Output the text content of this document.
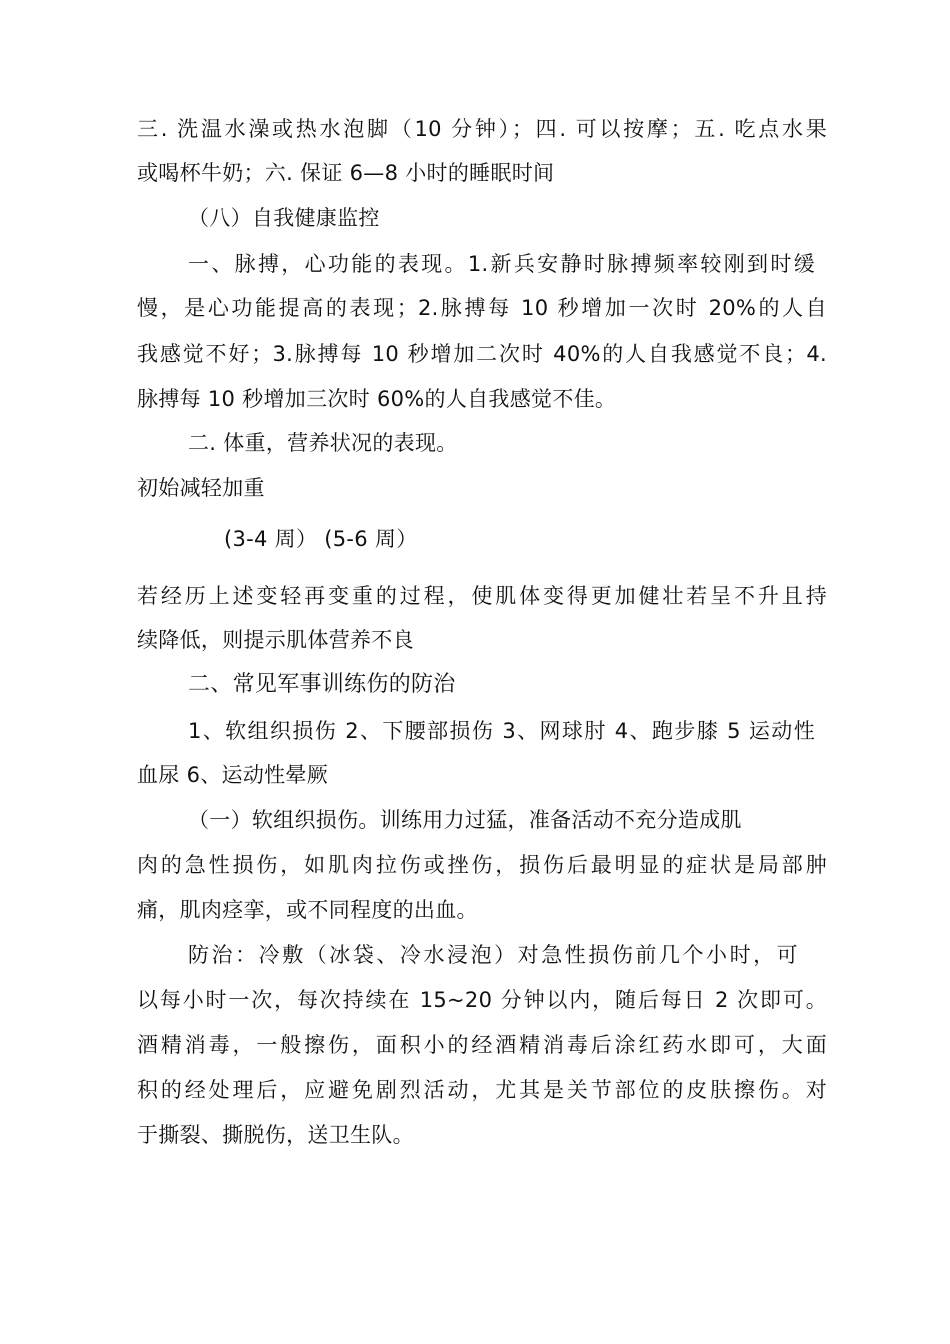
三. 洗温水澡或热水泡脚（10 分钟）；四. 可以按摩；五. 吃点水果
或喝杯牛奶；六. 保证 6—8 小时的睡眠时间
（八）自我健康监控
一、脉搏，心功能的表现。1.新兵安静时脉搏频率较刚到时缓
慢，是心功能提高的表现；2.脉搏每 10 秒增加一次时 20%的人自
我感觉不好；3.脉搏每 10 秒增加二次时 40%的人自我感觉不良；4.
脉搏每 10 秒增加三次时 60%的人自我感觉不佳。
二. 体重，营养状况的表现。
初始减轻加重
(3-4 周） (5-6 周）
若经历上述变轻再变重的过程，使肌体变得更加健壮若呈不升且持
续降低，则提示肌体营养不良
二、常见军事训练伤的防治
1、软组织损伤 2、下腰部损伤 3、网球肘 4、跑步膝 5 运动性
血尿 6、运动性晕厥
（一）软组织损伤。训练用力过猛，准备活动不充分造成肌
肉的急性损伤，如肌肉拉伤或挫伤，损伤后最明显的症状是局部肿
痛，肌肉痉挛，或不同程度的出血。
防治：冷敷（冰袋、冷水浸泡）对急性损伤前几个小时，可
以每小时一次，每次持续在 15~20 分钟以内，随后每日 2 次即可。
酒精消毒，一般擦伤，面积小的经酒精消毒后涂红药水即可，大面
积的经处理后，应避免剧烈活动，尤其是关节部位的皮肤擦伤。对
于撕裂、撕脱伤，送卫生队。
